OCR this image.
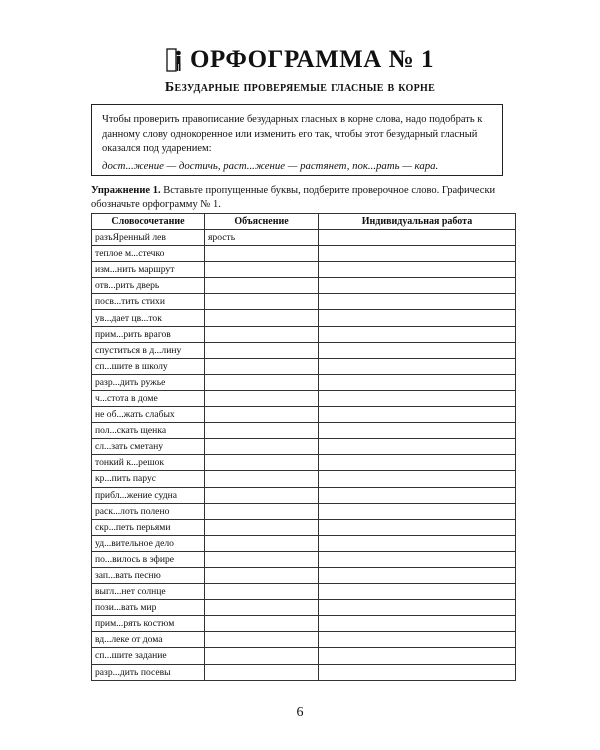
ОРФОГРАММА № 1
Безударные проверяемые гласные в корне
Чтобы проверить правописание безударных гласных в корне слова, надо подобрать к данному слову однокоренное или изменить его так, чтобы этот безударный гласный оказался под ударением:
дост...жение — достичь, раст...жение — растянет, пок...рать — кара.
Упражнение 1. Вставьте пропущенные буквы, подберите проверочное слово. Графически обозначьте орфограмму № 1.
Словосочетание	Объяснение	Индивидуальная работа
разъЯренный лев	ярость	
теплое м...стечко		
изм...нить маршрут		
отв...рить дверь		
посв...тить стихи		
ув...дает цв...ток		
прим...рить врагов		
спуститься в д...лину		
сп...шите в школу		
разр...дить ружье		
ч...стота в доме		
не об...жать слабых		
пол...скать щенка		
сл...зать сметану		
тонкий к...решок		
кр...пить парус		
прибл...жение судна		
раск...лоть полено		
скр...петь перьями		
уд...вительное дело		
по...вилось в эфире		
зап...вать песню		
выгл...нет солнце		
пози...вать мир		
прим...рять костюм		
вд...леке от дома		
сп...шите задание		
разр...дить посевы		
6
